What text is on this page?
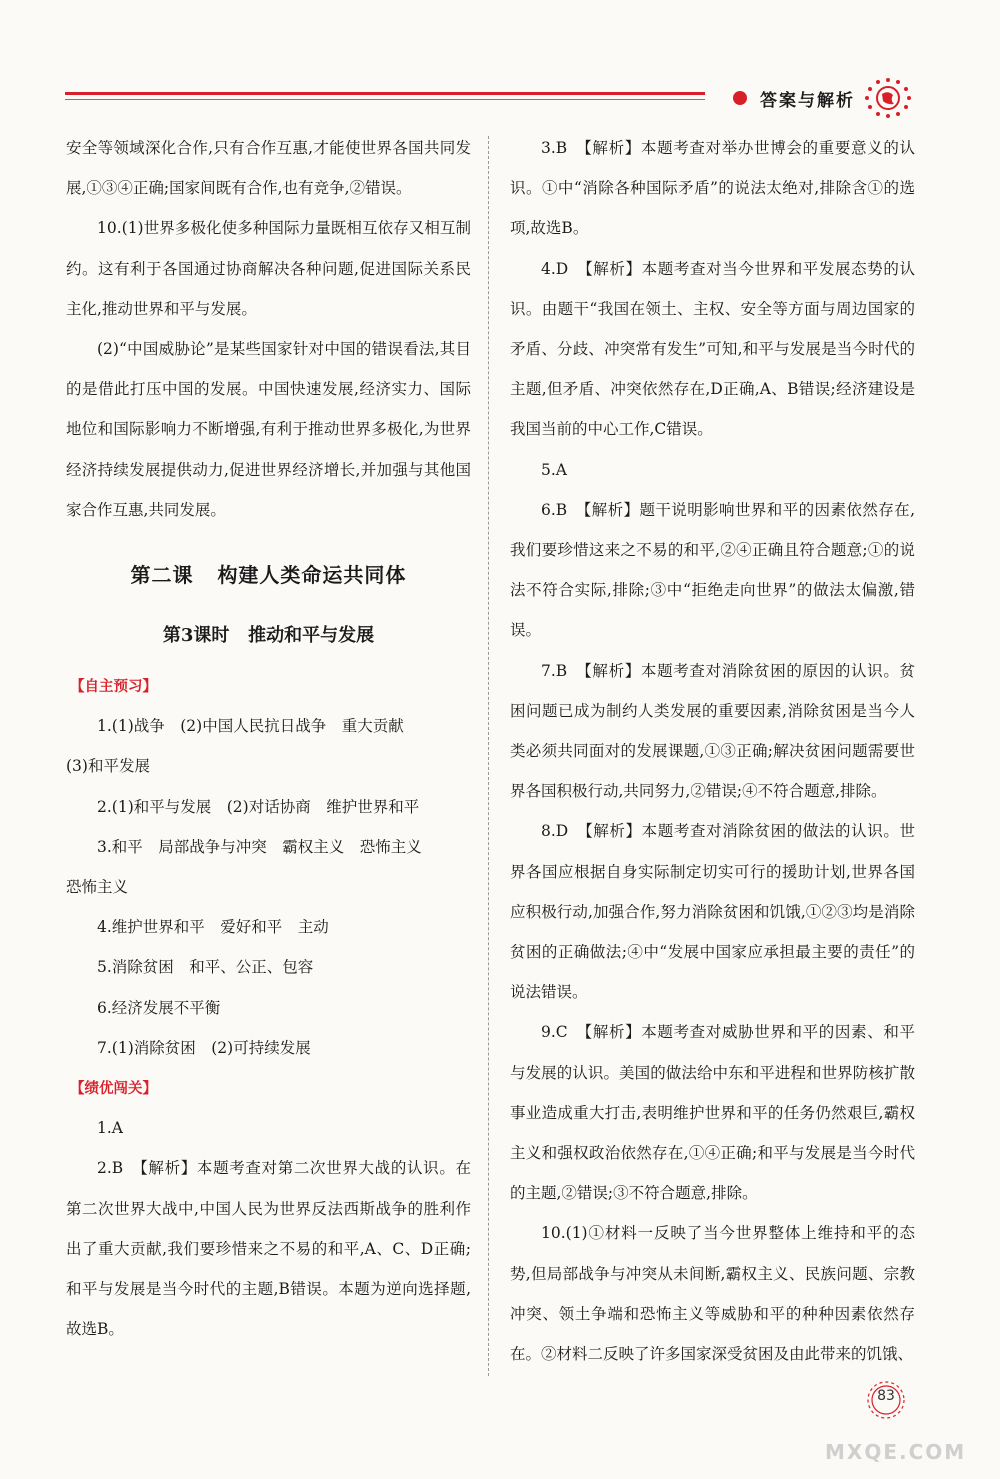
答案与解析

安全等领域深化合作,只有合作互惠,才能使世界各国共同发展,①③④正确;国家间既有合作,也有竞争,②错误。

10.(1)世界多极化使多种国际力量既相互依存又相互制约。这有利于各国通过协商解决各种问题,促进国际关系民主化,推动世界和平与发展。

(2)“中国威胁论”是某些国家针对中国的错误看法,其目的是借此打压中国的发展。中国快速发展,经济实力、国际地位和国际影响力不断增强,有利于推动世界多极化,为世界经济持续发展提供动力,促进世界经济增长,并加强与其他国家合作互惠,共同发展。

第二课 构建人类命运共同体
第3课时 推动和平与发展
【自主预习】

1.(1)战争　(2)中国人民抗日战争　重大贡献

(3)和平发展

2.(1)和平与发展　(2)对话协商　维护世界和平

3.和平　局部战争与冲突　霸权主义　恐怖主义

恐怖主义

4.维护世界和平　爱好和平　主动

5.消除贫困　和平、公正、包容

6.经济发展不平衡

7.(1)消除贫困　(2)可持续发展

【绩优闯关】

1.A

2.B　【解析】本题考查对第二次世界大战的认识。在第二次世界大战中,中国人民为世界反法西斯战争的胜利作出了重大贡献,我们要珍惜来之不易的和平,A、C、D正确;和平与发展是当今时代的主题,B错误。本题为逆向选择题,故选B。

3.B　【解析】本题考查对举办世博会的重要意义的认识。①中“消除各种国际矛盾”的说法太绝对,排除含①的选项,故选B。

4.D　【解析】本题考查对当今世界和平发展态势的认识。由题干“我国在领土、主权、安全等方面与周边国家的矛盾、分歧、冲突常有发生”可知,和平与发展是当今时代的主题,但矛盾、冲突依然存在,D正确,A、B错误;经济建设是我国当前的中心工作,C错误。

5.A

6.B　【解析】题干说明影响世界和平的因素依然存在,我们要珍惜这来之不易的和平,②④正确且符合题意;①的说法不符合实际,排除;③中“拒绝走向世界”的做法太偏激,错误。

7.B　【解析】本题考查对消除贫困的原因的认识。贫困问题已成为制约人类发展的重要因素,消除贫困是当今人类必须共同面对的发展课题,①③正确;解决贫困问题需要世界各国积极行动,共同努力,②错误;④不符合题意,排除。

8.D　【解析】本题考查对消除贫困的做法的认识。世界各国应根据自身实际制定切实可行的援助计划,世界各国应积极行动,加强合作,努力消除贫困和饥饿,①②③均是消除贫困的正确做法;④中“发展中国家应承担最主要的责任”的说法错误。

9.C　【解析】本题考查对威胁世界和平的因素、和平与发展的认识。美国的做法给中东和平进程和世界防核扩散事业造成重大打击,表明维护世界和平的任务仍然艰巨,霸权主义和强权政治依然存在,①④正确;和平与发展是当今时代的主题,②错误;③不符合题意,排除。

10.(1)①材料一反映了当今世界整体上维持和平的态势,但局部战争与冲突从未间断,霸权主义、民族问题、宗教冲突、领土争端和恐怖主义等威胁和平的种种因素依然存在。②材料二反映了许多国家深受贫困及由此带来的饥饿、

83
MXQE.COM
